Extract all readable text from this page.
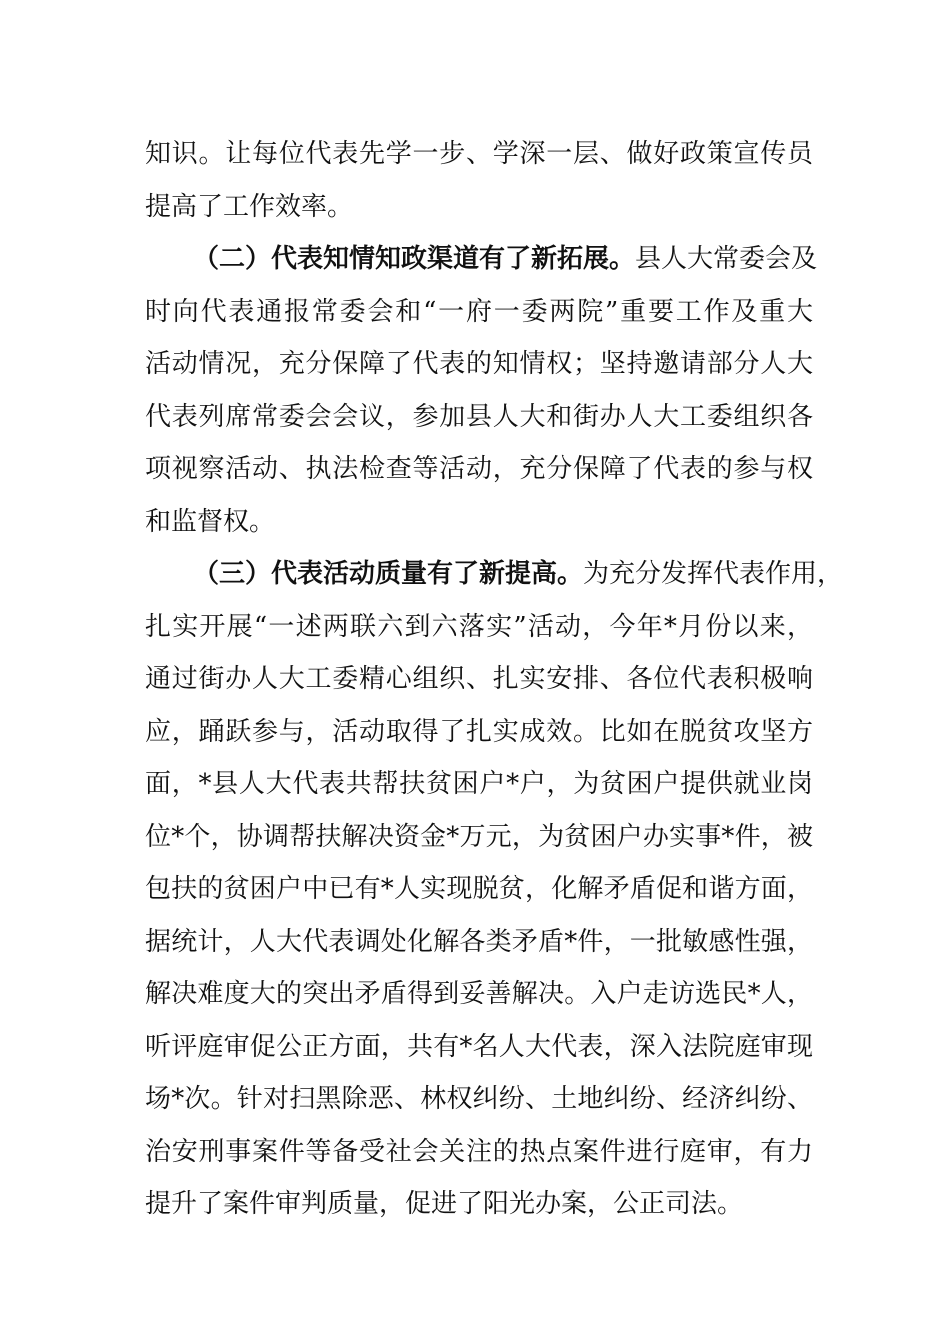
知识。让每位代表先学一步、学深一层、做好政策宣传员
提高了工作效率。
（二）代表知情知政渠道有了新拓展。县人大常委会及
时向代表通报常委会和“一府一委两院”重要工作及重大
活动情况，充分保障了代表的知情权；坚持邀请部分人大
代表列席常委会会议，参加县人大和街办人大工委组织各
项视察活动、执法检查等活动，充分保障了代表的参与权
和监督权。
（三）代表活动质量有了新提高。为充分发挥代表作用，
扎实开展“一述两联六到六落实”活动，今年*月份以来，
通过街办人大工委精心组织、扎实安排、各位代表积极响
应，踊跃参与，活动取得了扎实成效。比如在脱贫攻坚方
面，*县人大代表共帮扶贫困户*户，为贫困户提供就业岗
位*个，协调帮扶解决资金*万元，为贫困户办实事*件，被
包扶的贫困户中已有*人实现脱贫，化解矛盾促和谐方面，
据统计，人大代表调处化解各类矛盾*件，一批敏感性强，
解决难度大的突出矛盾得到妥善解决。入户走访选民*人，
听评庭审促公正方面，共有*名人大代表，深入法院庭审现
场*次。针对扫黑除恶、林权纠纷、土地纠纷、经济纠纷、
治安刑事案件等备受社会关注的热点案件进行庭审，有力
提升了案件审判质量，促进了阳光办案，公正司法。
